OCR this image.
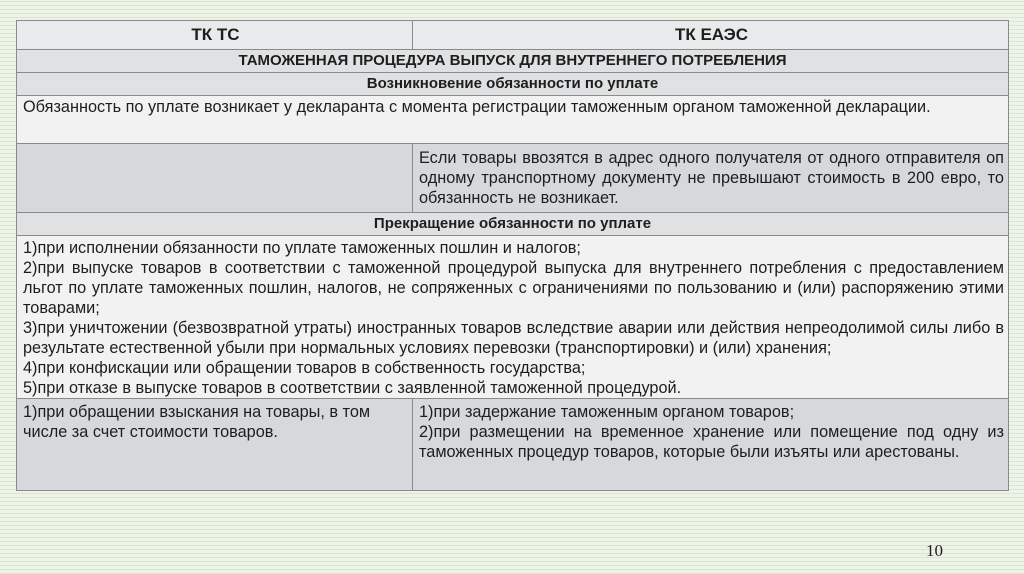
ТК ТС	ТК ЕАЭС
ТАМОЖЕННАЯ ПРОЦЕДУРА ВЫПУСК ДЛЯ ВНУТРЕННЕГО ПОТРЕБЛЕНИЯ	
Возникновение обязанности по уплате	
Обязанность по уплате возникает у декларанта с момента регистрации таможенным органом таможенной декларации.	
	Если товары ввозятся в адрес одного получателя от одного отправителя оп одному транспортному документу не превышают стоимость в 200 евро, то обязанность не возникает.
Прекращение обязанности по уплате	

1)при исполнении обязанности по уплате таможенных пошлин и налогов;
2)при выпуске товаров в соответствии с таможенной процедурой выпуска для внутреннего потребления с предоставлением льгот по уплате таможенных пошлин, налогов, не сопряженных с ограничениями по пользованию и (или) распоряжению этими товарами;
3)при уничтожении (безвозвратной утраты) иностранных товаров вследствие аварии или действия непреодолимой силы либо в результате естественной убыли при нормальных условиях перевозки (транспортировки) и (или) хранения;
4)при конфискации или обращении товаров в собственность государства;
5)при отказе в выпуске товаров в соответствии с заявленной таможенной процедурой.	

1)при обращении взыскания на товары, в том числе за счет стоимости товаров.	1)при задержание таможенным органом товаров;
2)при размещении на временное хранение или помещение под одну из таможенных процедур товаров, которые были изъяты или арестованы.
10
